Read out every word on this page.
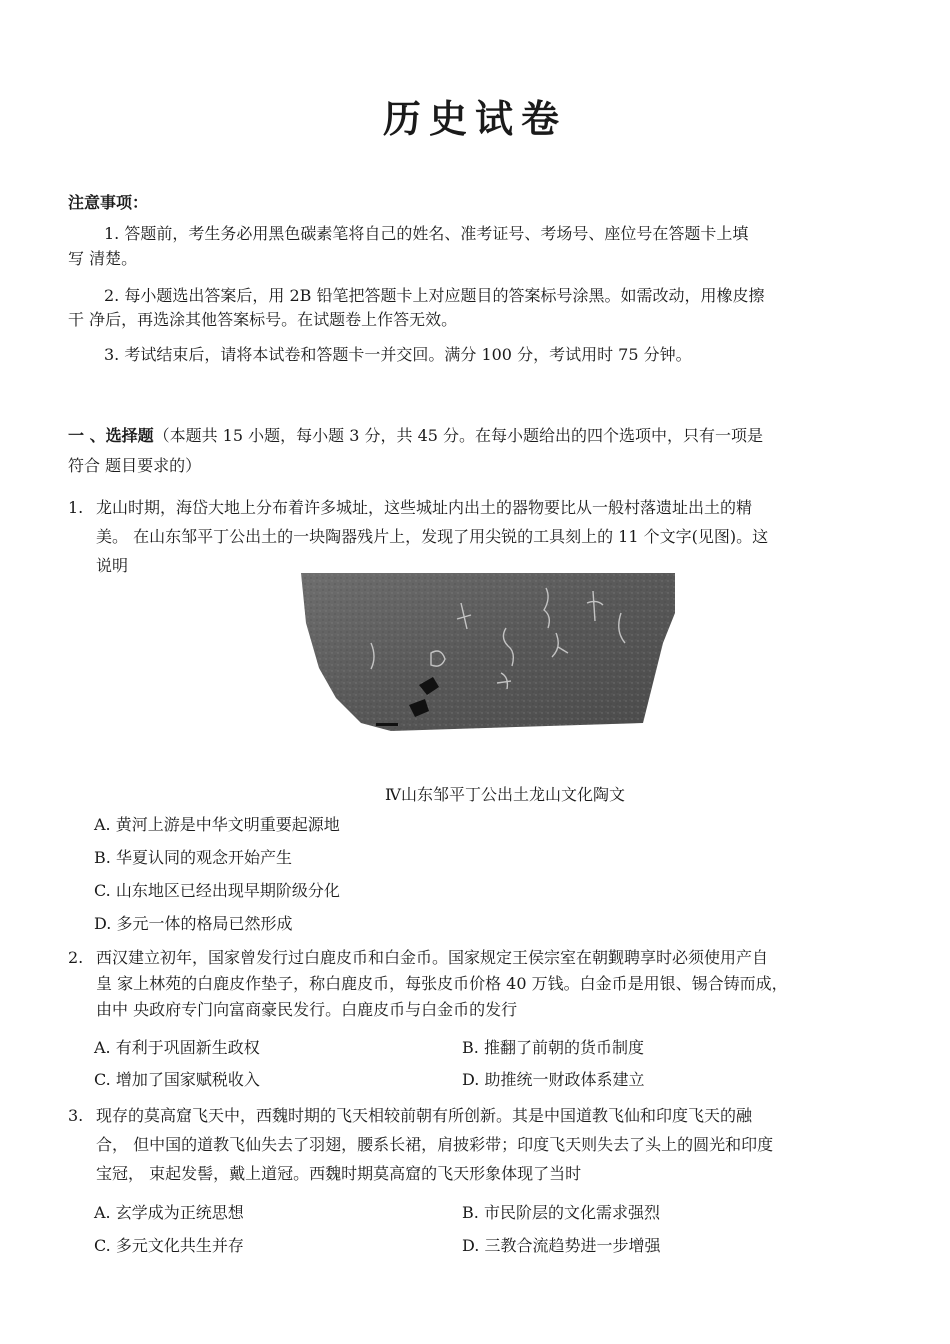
历史试卷
注意事项：
1. 答题前，考生务必用黑色碳素笔将自己的姓名、准考证号、考场号、座位号在答题卡上填
写 清楚。
2. 每小题选出答案后，用 2B 铅笔把答题卡上对应题目的答案标号涂黑。如需改动，用橡皮擦
干 净后，再选涂其他答案标号。在试题卷上作答无效。
3. 考试结束后，请将本试卷和答题卡一并交回。满分 100 分，考试用时 75 分钟。
一 、选择题（本题共 15 小题，每小题 3 分，共 45 分。在每小题给出的四个选项中，只有一项是
符合 题目要求的）
1. 龙山时期，海岱大地上分布着许多城址，这些城址内出土的器物要比从一般村落遗址出土的精
美。 在山东邹平丁公出土的一块陶器残片上，发现了用尖锐的工具刻上的 11 个文字(见图)。这
说明
Ⅳ山东邹平丁公出土龙山文化陶文
A. 黄河上游是中华文明重要起源地
B. 华夏认同的观念开始产生
C. 山东地区已经出现早期阶级分化
D. 多元一体的格局已然形成
2. 西汉建立初年，国家曾发行过白鹿皮币和白金币。国家规定王侯宗室在朝觐聘享时必须使用产自
皇 家上林苑的白鹿皮作垫子，称白鹿皮币，每张皮币价格 40 万钱。白金币是用银、锡合铸而成，
由中 央政府专门向富商豪民发行。白鹿皮币与白金币的发行
A. 有利于巩固新生政权	B. 推翻了前朝的货币制度
C. 增加了国家赋税收入	D. 助推统一财政体系建立
3. 现存的莫高窟飞天中，西魏时期的飞天相较前朝有所创新。其是中国道教飞仙和印度飞天的融
合， 但中国的道教飞仙失去了羽翅，腰系长裙，肩披彩带；印度飞天则失去了头上的圆光和印度
宝冠， 束起发髻，戴上道冠。西魏时期莫高窟的飞天形象体现了当时
A. 玄学成为正统思想	B. 市民阶层的文化需求强烈
C. 多元文化共生并存	D. 三教合流趋势进一步增强
